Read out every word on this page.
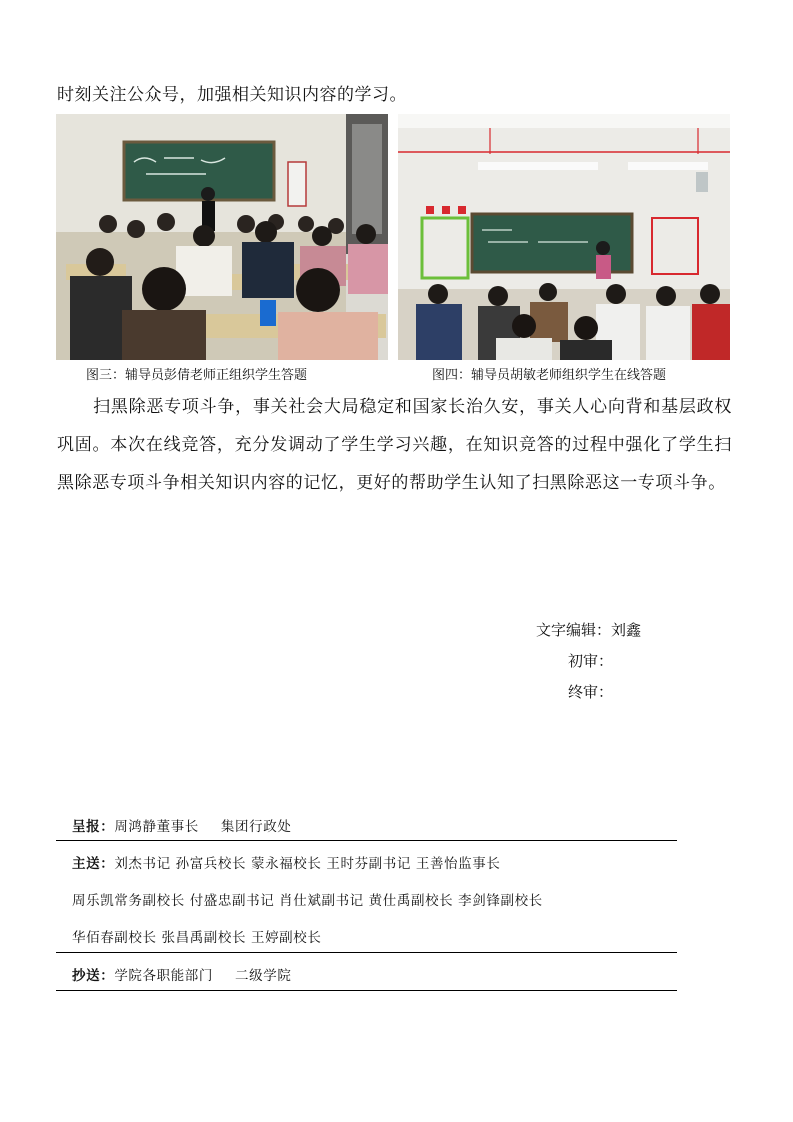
时刻关注公众号，加强相关知识内容的学习。
图三：辅导员彭倩老师正组织学生答题	图四：辅导员胡敏老师组织学生在线答题
扫黑除恶专项斗争，事关社会大局稳定和国家长治久安，事关人心向背和基层政权巩固。本次在线竞答，充分发调动了学生学习兴趣，在知识竞答的过程中强化了学生扫黑除恶专项斗争相关知识内容的记忆，更好的帮助学生认知了扫黑除恶这一专项斗争。
文字编辑：刘鑫
初审：
终审：
呈报：周鸿静董事长 集团行政处
主送：刘杰书记 孙富兵校长 蒙永福校长 王时芬副书记 王善怡监事长
周乐凯常务副校长 付盛忠副书记 肖仕斌副书记 黄仕禹副校长 李剑锋副校长
华佰春副校长 张昌禹副校长 王婷副校长
抄送：学院各职能部门 二级学院
